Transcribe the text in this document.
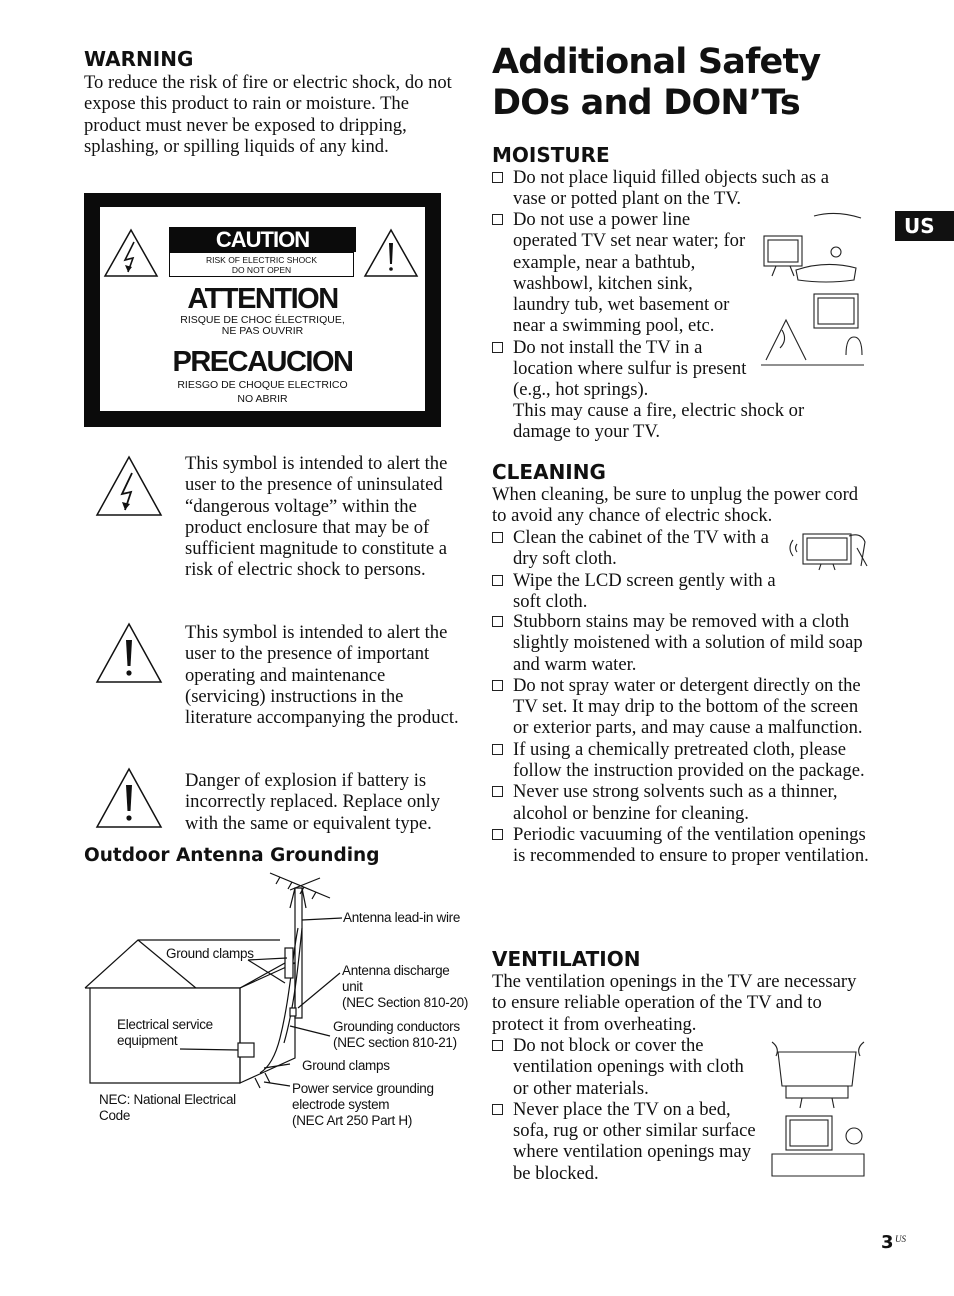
WARNING
To reduce the risk of fire or electric shock, do not expose this product to rain or moisture. The product must never be exposed to dripping, splashing, or spilling liquids of any kind.
CAUTION
RISK OF ELECTRIC SHOCK
DO NOT OPEN
ATTENTION
RISQUE DE CHOC ÉLECTRIQUE,
NE PAS OUVRIR
PRECAUCION
RIESGO DE CHOQUE ELECTRICO
NO ABRIR
This symbol is intended to alert the user to the presence of uninsulated “dangerous voltage” within the product enclosure that may be of sufficient magnitude to constitute a risk of electric shock to persons.
This symbol is intended to alert the user to the presence of important operating and maintenance (servicing) instructions in the literature accompanying the product.
Danger of explosion if battery is incorrectly replaced. Replace only with the same or equivalent type.
Outdoor Antenna Grounding
Antenna lead-in wire
Ground clamps
Antenna discharge
unit
(NEC Section 810-20)
Electrical service
equipment
Grounding conductors
(NEC section 810-21)
Ground clamps
Power service grounding
electrode system
(NEC Art 250 Part H)
NEC: National Electrical
Code
Additional Safety DOs and DON’Ts
MOISTURE
Do not place liquid filled objects such as a vase or potted plant on the TV.
Do not use a power line operated TV set near water; for example, near a bathtub, washbowl, kitchen sink, laundry tub, wet basement or near a swimming pool, etc.
Do not install the TV in a location where sulfur is present (e.g., hot springs).
This may cause a fire, electric shock or damage to your TV.
CLEANING
When cleaning, be sure to unplug the power cord to avoid any chance of electric shock.
Clean the cabinet of the TV with a dry soft cloth.
Wipe the LCD screen gently with a soft cloth.
Stubborn stains may be removed with a cloth slightly moistened with a solution of mild soap and warm water.
Do not spray water or detergent directly on the TV set. It may drip to the bottom of the screen or exterior parts, and may cause a malfunction.
If using a chemically pretreated cloth, please follow the instruction provided on the package.
Never use strong solvents such as a thinner, alcohol or benzine for cleaning.
Periodic vacuuming of the ventilation openings is recommended to ensure to proper ventilation.
VENTILATION
The ventilation openings in the TV are necessary to ensure reliable operation of the TV and to protect it from overheating.
Do not block or cover the ventilation openings with cloth or other materials.
Never place the TV on a bed, sofa, rug or other similar surface where ventilation openings may be blocked.
US
3 US
